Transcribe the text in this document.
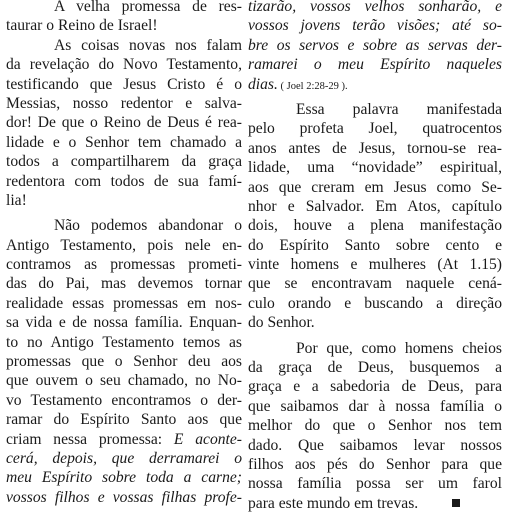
A velha promessa de res-
taurar o Reino de Israel!
As coisas novas nos falam
da revelação do Novo Testamento,
testificando que Jesus Cristo é o
Messias, nosso redentor e salva-
dor! De que o Reino de Deus é rea-
lidade e o Senhor tem chamado a
todos a compartilharem da graça
redentora com todos de sua famí-
lia!
Não podemos abandonar o
Antigo Testamento, pois nele en-
contramos as promessas prometi-
das do Pai, mas devemos tornar
realidade essas promessas em nos-
sa vida e de nossa família. Enquan-
to no Antigo Testamento temos as
promessas que o Senhor deu aos
que ouvem o seu chamado, no No-
vo Testamento encontramos o der-
ramar do Espírito Santo aos que
criam nessa promessa: E aconte-
cerá, depois, que derramarei o
meu Espírito sobre toda a carne;
vossos filhos e vossas filhas profe-
tizarão, vossos velhos sonharão, e
vossos jovens terão visões; até so-
bre os servos e sobre as servas der-
ramarei o meu Espírito naqueles
dias. ( Joel 2:28-29 ).
Essa palavra manifestada
pelo profeta Joel, quatrocentos
anos antes de Jesus, tornou-se rea-
lidade, uma “novidade” espiritual,
aos que creram em Jesus como Se-
nhor e Salvador. Em Atos, capítulo
dois, houve a plena manifestação
do Espírito Santo sobre cento e
vinte homens e mulheres (At 1.15)
que se encontravam naquele cená-
culo orando e buscando a direção
do Senhor.
Por que, como homens cheios
da graça de Deus, busquemos a
graça e a sabedoria de Deus, para
que saibamos dar à nossa família o
melhor do que o Senhor nos tem
dado. Que saibamos levar nossos
filhos aos pés do Senhor para que
nossa família possa ser um farol
para este mundo em trevas.
